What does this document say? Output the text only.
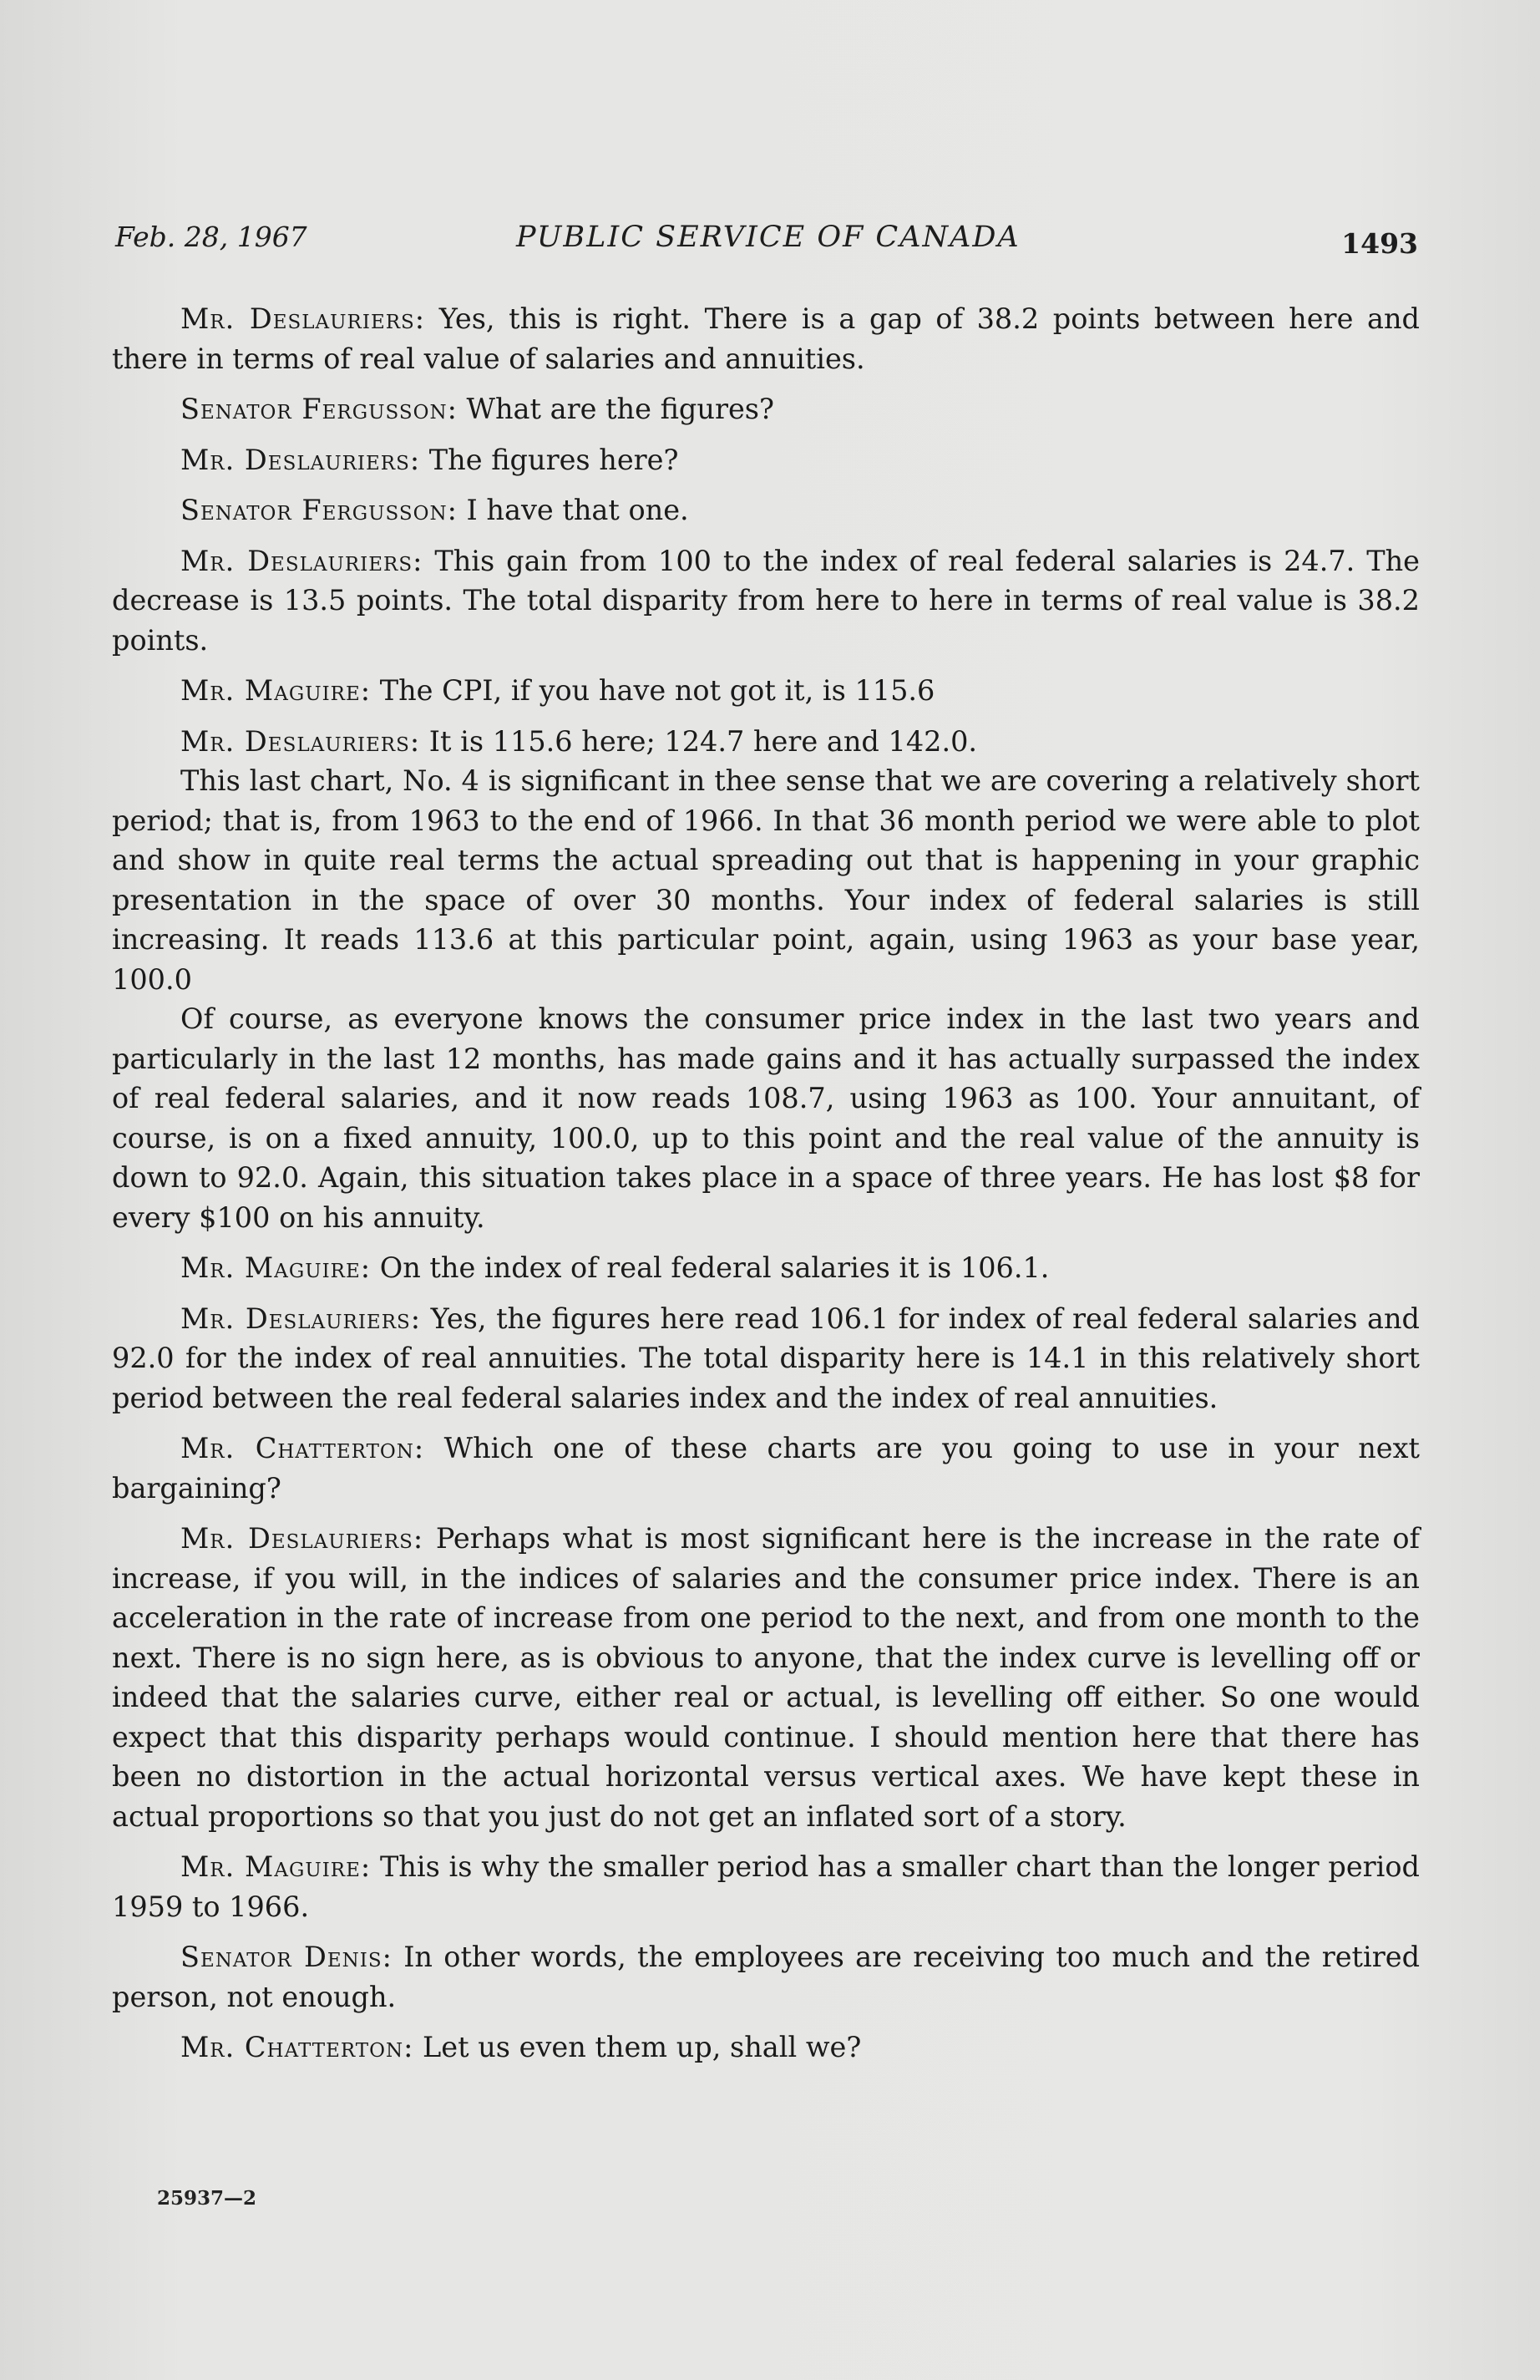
Feb. 28, 1967	PUBLIC SERVICE OF CANADA	1493

Mr. Deslauriers: Yes, this is right. There is a gap of 38.2 points between here and there in terms of real value of salaries and annuities.

Senator Fergusson: What are the figures?

Mr. Deslauriers: The figures here?

Senator Fergusson: I have that one.

Mr. Deslauriers: This gain from 100 to the index of real federal salaries is 24.7. The decrease is 13.5 points. The total disparity from here to here in terms of real value is 38.2 points.

Mr. Maguire: The CPI, if you have not got it, is 115.6

Mr. Deslauriers: It is 115.6 here; 124.7 here and 142.0.

This last chart, No. 4 is significant in thee sense that we are covering a relatively short period; that is, from 1963 to the end of 1966. In that 36 month period we were able to plot and show in quite real terms the actual spreading out that is happening in your graphic presentation in the space of over 30 months. Your index of federal salaries is still increasing. It reads 113.6 at this particular point, again, using 1963 as your base year, 100.0

Of course, as everyone knows the consumer price index in the last two years and particularly in the last 12 months, has made gains and it has actually surpassed the index of real federal salaries, and it now reads 108.7, using 1963 as 100. Your annuitant, of course, is on a fixed annuity, 100.0, up to this point and the real value of the annuity is down to 92.0. Again, this situation takes place in a space of three years. He has lost $8 for every $100 on his annuity.

Mr. Maguire: On the index of real federal salaries it is 106.1.

Mr. Deslauriers: Yes, the figures here read 106.1 for index of real federal salaries and 92.0 for the index of real annuities. The total disparity here is 14.1 in this relatively short period between the real federal salaries index and the index of real annuities.

Mr. Chatterton: Which one of these charts are you going to use in your next bargaining?

Mr. Deslauriers: Perhaps what is most significant here is the increase in the rate of increase, if you will, in the indices of salaries and the consumer price index. There is an acceleration in the rate of increase from one period to the next, and from one month to the next. There is no sign here, as is obvious to anyone, that the index curve is levelling off or indeed that the salaries curve, either real or actual, is levelling off either. So one would expect that this disparity perhaps would continue. I should mention here that there has been no distortion in the actual horizontal versus vertical axes. We have kept these in actual proportions so that you just do not get an inflated sort of a story.

Mr. Maguire: This is why the smaller period has a smaller chart than the longer period 1959 to 1966.

Senator Denis: In other words, the employees are receiving too much and the retired person, not enough.

Mr. Chatterton: Let us even them up, shall we?

25937—2
